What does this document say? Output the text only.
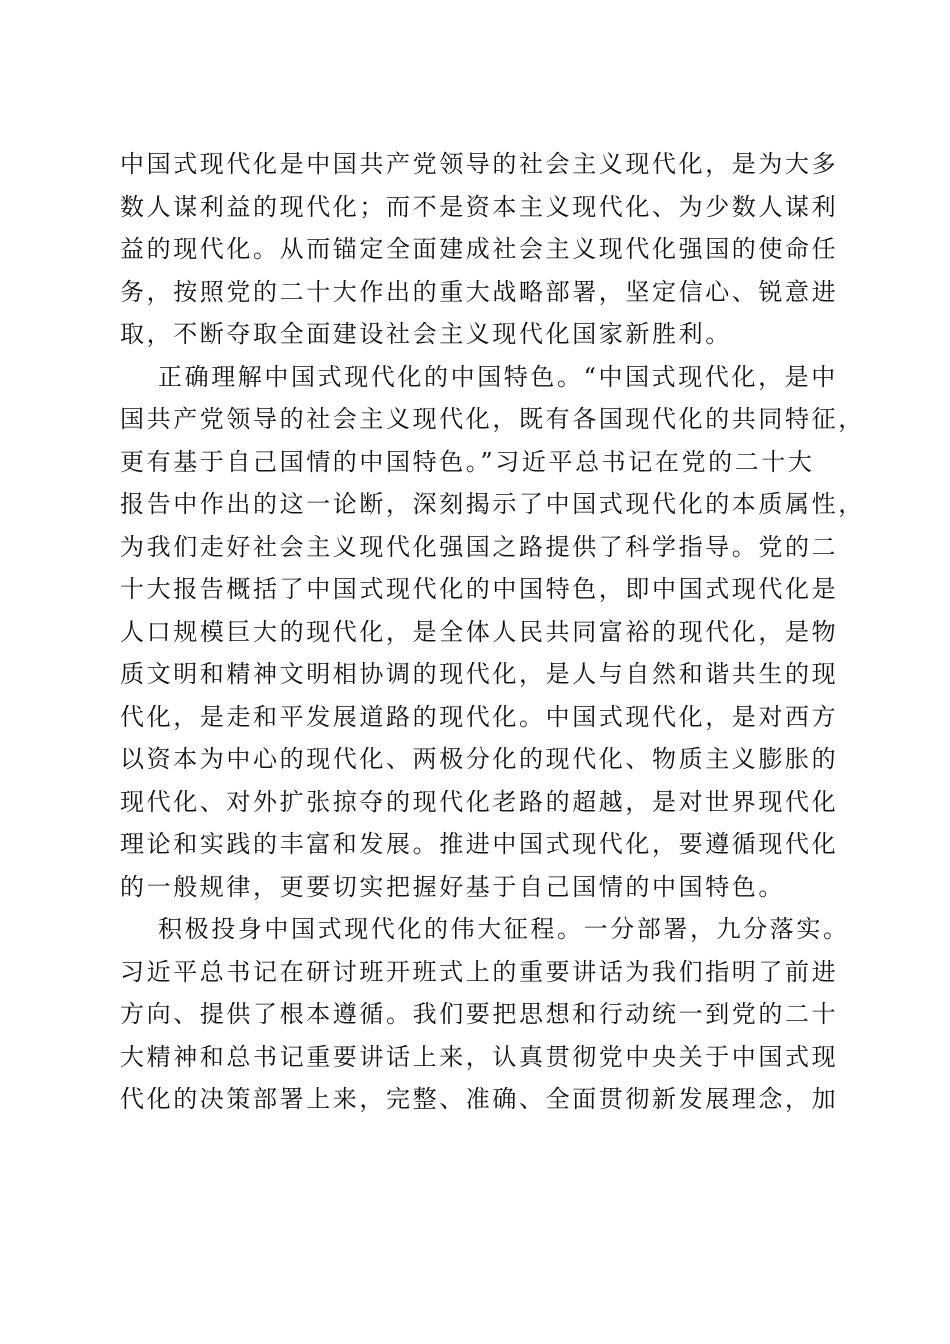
中国式现代化是中国共产党领导的社会主义现代化，是为大多
数人谋利益的现代化；而不是资本主义现代化、为少数人谋利
益的现代化。从而锚定全面建成社会主义现代化强国的使命任
务，按照党的二十大作出的重大战略部署，坚定信心、锐意进
取，不断夺取全面建设社会主义现代化国家新胜利。
正确理解中国式现代化的中国特色。“中国式现代化，是中
国共产党领导的社会主义现代化，既有各国现代化的共同特征，
更有基于自己国情的中国特色。”习近平总书记在党的二十大
报告中作出的这一论断，深刻揭示了中国式现代化的本质属性，
为我们走好社会主义现代化强国之路提供了科学指导。党的二
十大报告概括了中国式现代化的中国特色，即中国式现代化是
人口规模巨大的现代化，是全体人民共同富裕的现代化，是物
质文明和精神文明相协调的现代化，是人与自然和谐共生的现
代化，是走和平发展道路的现代化。中国式现代化，是对西方
以资本为中心的现代化、两极分化的现代化、物质主义膨胀的
现代化、对外扩张掠夺的现代化老路的超越，是对世界现代化
理论和实践的丰富和发展。推进中国式现代化，要遵循现代化
的一般规律，更要切实把握好基于自己国情的中国特色。
积极投身中国式现代化的伟大征程。一分部署，九分落实。
习近平总书记在研讨班开班式上的重要讲话为我们指明了前进
方向、提供了根本遵循。我们要把思想和行动统一到党的二十
大精神和总书记重要讲话上来，认真贯彻党中央关于中国式现
代化的决策部署上来，完整、准确、全面贯彻新发展理念，加
